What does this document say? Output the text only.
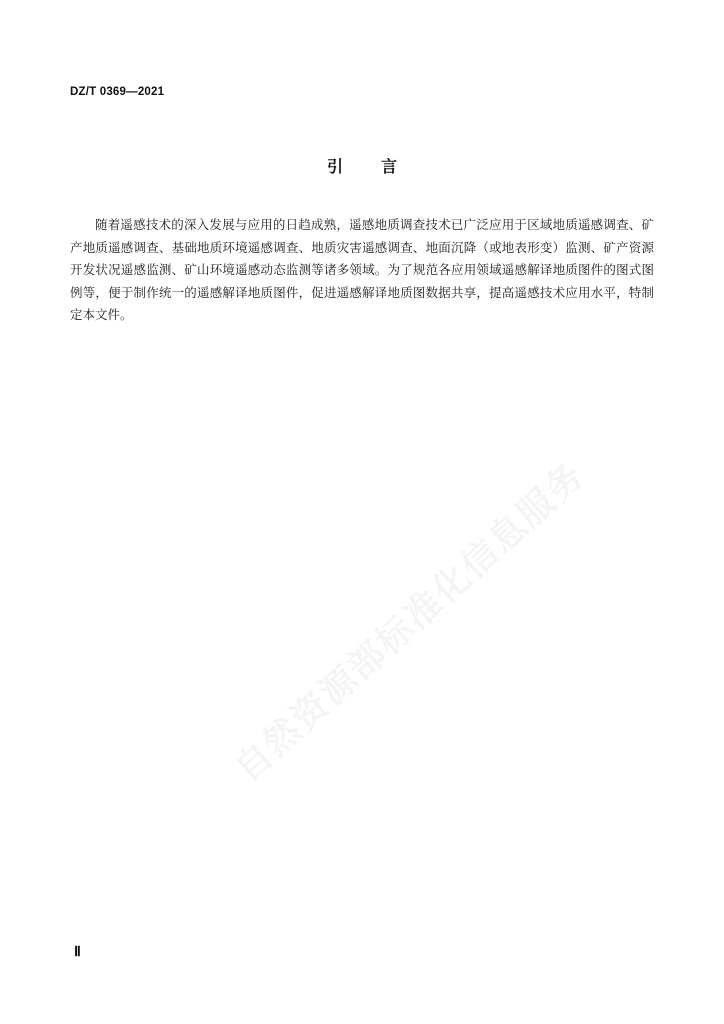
DZ/T 0369—2021
引言

随着遥感技术的深入发展与应用的日趋成熟，遥感地质调查技术已广泛应用于区域地质遥感调查、矿产地质遥感调查、基础地质环境遥感调查、地质灾害遥感调查、地面沉降（或地表形变）监测、矿产资源开发状况遥感监测、矿山环境遥感动态监测等诸多领域。为了规范各应用领域遥感解译地质图件的图式图例等，便于制作统一的遥感解译地质图件，促进遥感解译地质图数据共享，提高遥感技术应用水平，特制定本文件。

自然资源部标准化信息服务
Ⅱ
